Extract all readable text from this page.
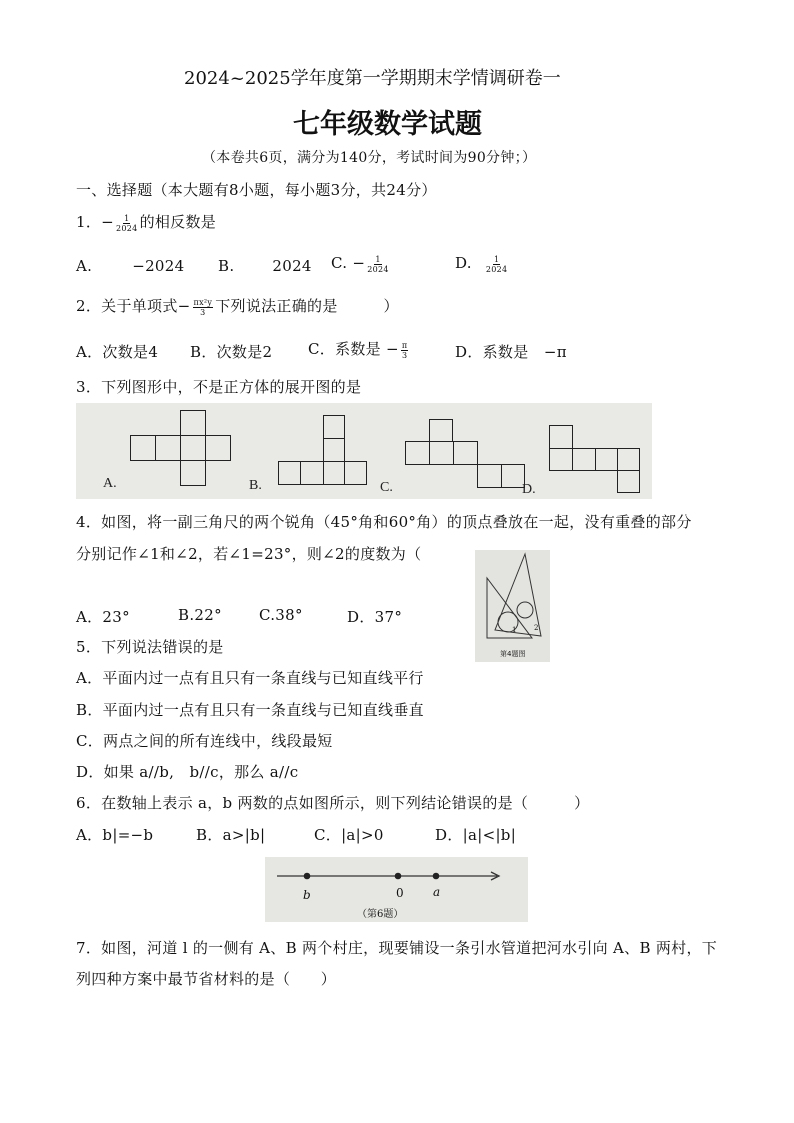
2024~2025学年度第一学期期末学情调研卷一
七年级数学试题
（本卷共6页，满分为140分，考试时间为90分钟；）
一、选择题（本大题有8小题，每小题3分，共24分）
1．− $\frac{1}{2024}$ 的相反数是
A.	−2024 B.	2024 C. − $\frac{1}{2024}$	D. $\frac{1}{2024}$
2．关于单项式− $\frac{\text{πx²y}}{3}$ 下列说法正确的是　　　）
A．次数是4 B．次数是2 C．系数是 − $\frac{\pi}{3}$	D．系数是　−π
3．下列图形中，不是正方体的展开图的是
A.	B.	C.	D.
4．如图，将一副三角尺的两个锐角（45°角和60°角）的顶点叠放在一起，没有重叠的部分
分别记作∠1和∠2，若∠1=23°，则∠2的度数为（
A．23°	B.22° C.38°	D．37°
1	2
第4题图
5．下列说法错误的是
A．平面内过一点有且只有一条直线与已知直线平行
B．平面内过一点有且只有一条直线与已知直线垂直
C．两点之间的所有连线中，线段最短
D．如果 a//b,　b//c，那么 a//c
6．在数轴上表示 a，b 两数的点如图所示，则下列结论错误的是（　　　）
A．b|=−b	B．a>|b|	C．|a|>0	D．|a|<|b|
b	0 a
（第6题）
7．如图，河道 l 的一侧有 A、B 两个村庄，现要铺设一条引水管道把河水引向 A、B 两村，下
列四种方案中最节省材料的是（　　）
